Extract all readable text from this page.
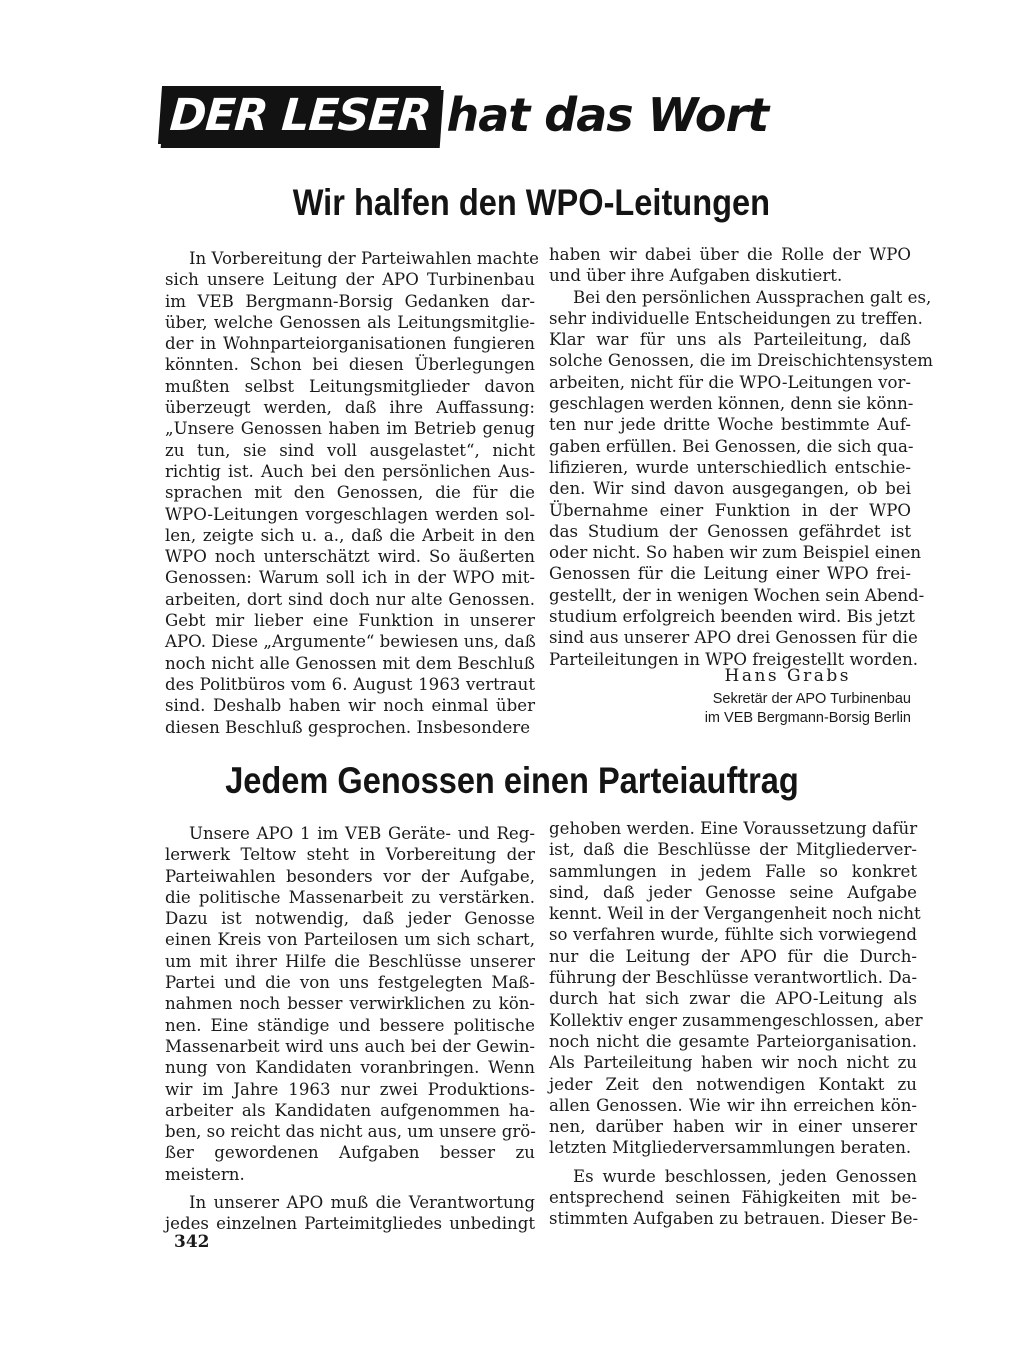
DER LESER hat das Wort
Wir halfen den WPO-Leitungen
In Vorbereitung der Parteiwahlen machte
sich unsere Leitung der APO Turbinenbau
im VEB Bergmann-Borsig Gedanken dar-
über, welche Genossen als Leitungsmitglie-
der in Wohnparteiorganisationen fungieren
könnten. Schon bei diesen Überlegungen
mußten selbst Leitungsmitglieder davon
überzeugt werden, daß ihre Auffassung:
„Unsere Genossen haben im Betrieb genug
zu tun, sie sind voll ausgelastet“, nicht
richtig ist. Auch bei den persönlichen Aus-
sprachen mit den Genossen, die für die
WPO-Leitungen vorgeschlagen werden sol-
len, zeigte sich u. a., daß die Arbeit in den
WPO noch unterschätzt wird. So äußerten
Genossen: Warum soll ich in der WPO mit-
arbeiten, dort sind doch nur alte Genossen.
Gebt mir lieber eine Funktion in unserer
APO. Diese „Argumente“ bewiesen uns, daß
noch nicht alle Genossen mit dem Beschluß
des Politbüros vom 6. August 1963 vertraut
sind. Deshalb haben wir noch einmal über
diesen Beschluß gesprochen. Insbesondere
haben wir dabei über die Rolle der WPO
und über ihre Aufgaben diskutiert.
Bei den persönlichen Aussprachen galt es,
sehr individuelle Entscheidungen zu treffen.
Klar war für uns als Parteileitung, daß
solche Genossen, die im Dreischichtensystem
arbeiten, nicht für die WPO-Leitungen vor-
geschlagen werden können, denn sie könn-
ten nur jede dritte Woche bestimmte Auf-
gaben erfüllen. Bei Genossen, die sich qua-
lifizieren, wurde unterschiedlich entschie-
den. Wir sind davon ausgegangen, ob bei
Übernahme einer Funktion in der WPO
das Studium der Genossen gefährdet ist
oder nicht. So haben wir zum Beispiel einen
Genossen für die Leitung einer WPO frei-
gestellt, der in wenigen Wochen sein Abend-
studium erfolgreich beenden wird. Bis jetzt
sind aus unserer APO drei Genossen für die
Parteileitungen in WPO freigestellt worden.
Hans Grabs
Sekretär der APO Turbinenbau
im VEB Bergmann-Borsig Berlin
Jedem Genossen einen Parteiauftrag
Unsere APO 1 im VEB Geräte- und Reg-
lerwerk Teltow steht in Vorbereitung der
Parteiwahlen besonders vor der Aufgabe,
die politische Massenarbeit zu verstärken.
Dazu ist notwendig, daß jeder Genosse
einen Kreis von Parteilosen um sich schart,
um mit ihrer Hilfe die Beschlüsse unserer
Partei und die von uns festgelegten Maß-
nahmen noch besser verwirklichen zu kön-
nen. Eine ständige und bessere politische
Massenarbeit wird uns auch bei der Gewin-
nung von Kandidaten voranbringen. Wenn
wir im Jahre 1963 nur zwei Produktions-
arbeiter als Kandidaten aufgenommen ha-
ben, so reicht das nicht aus, um unsere grö-
ßer gewordenen Aufgaben besser zu
meistern.
In unserer APO muß die Verantwortung
jedes einzelnen Parteimitgliedes unbedingt
gehoben werden. Eine Voraussetzung dafür
ist, daß die Beschlüsse der Mitgliederver-
sammlungen in jedem Falle so konkret
sind, daß jeder Genosse seine Aufgabe
kennt. Weil in der Vergangenheit noch nicht
so verfahren wurde, fühlte sich vorwiegend
nur die Leitung der APO für die Durch-
führung der Beschlüsse verantwortlich. Da-
durch hat sich zwar die APO-Leitung als
Kollektiv enger zusammengeschlossen, aber
noch nicht die gesamte Parteiorganisation.
Als Parteileitung haben wir noch nicht zu
jeder Zeit den notwendigen Kontakt zu
allen Genossen. Wie wir ihn erreichen kön-
nen, darüber haben wir in einer unserer
letzten Mitgliederversammlungen beraten.
Es wurde beschlossen, jeden Genossen
entsprechend seinen Fähigkeiten mit be-
stimmten Aufgaben zu betrauen. Dieser Be-
342
